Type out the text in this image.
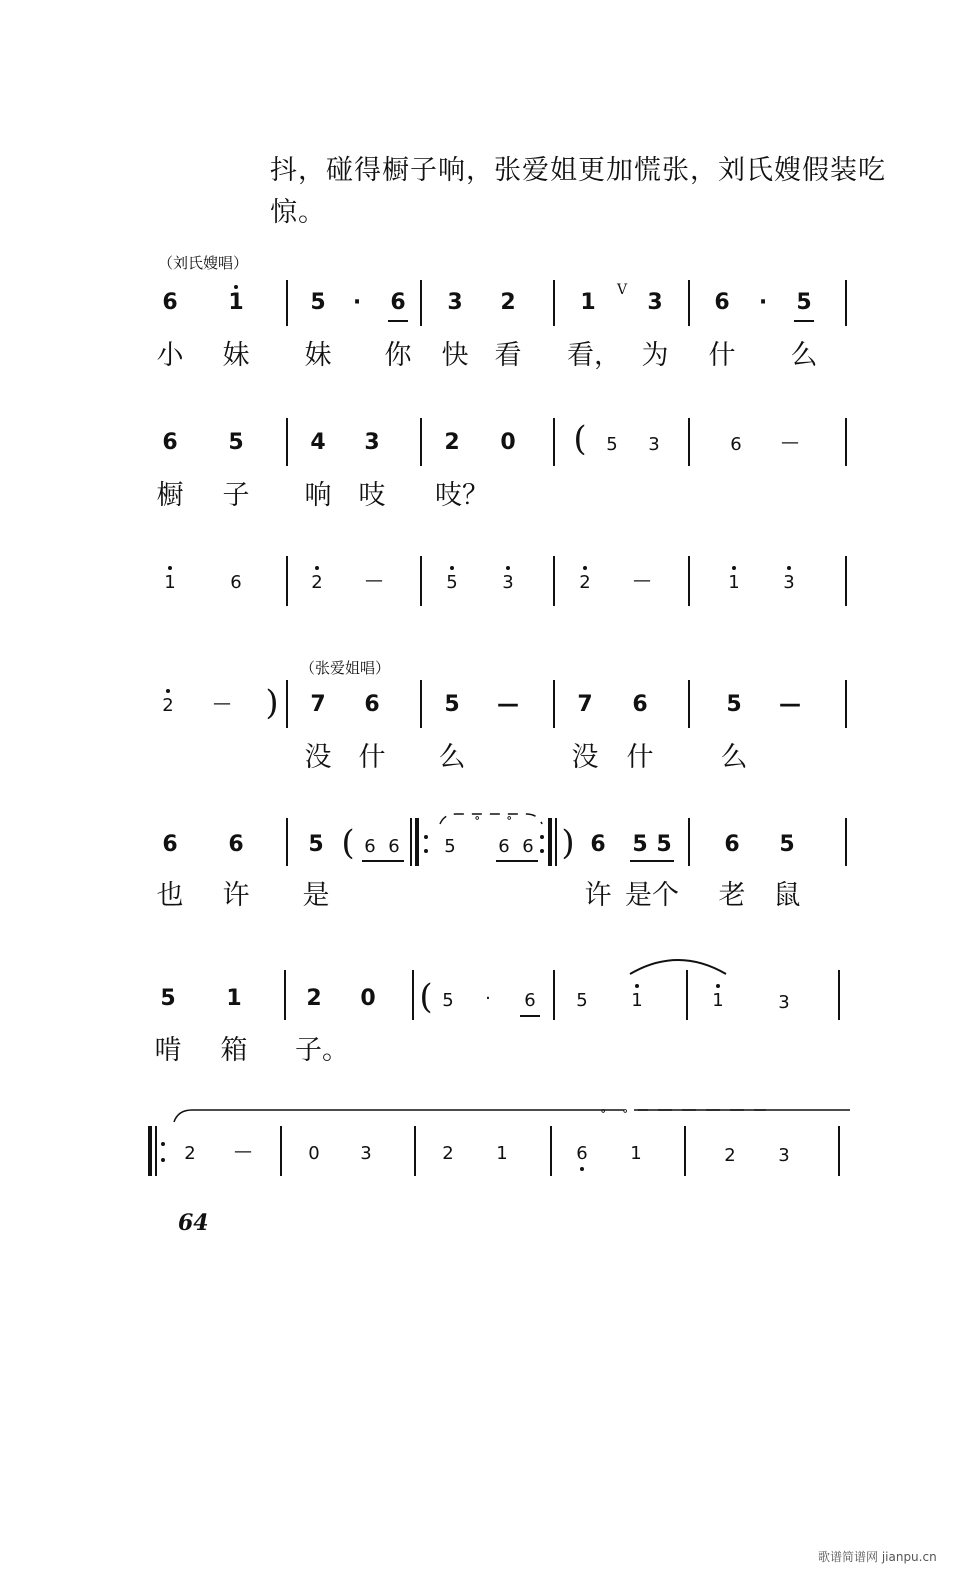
抖，碰得橱子响，张爱姐更加慌张，刘氏嫂假装吃
惊。
（刘氏嫂唱）
6 1	5 · 6 3 2	1 V 3 6 · 5
小 妹 妹 你 快 看 看， 为 什 么
6 5	4 3	2 0 ( 5 3	6 —
橱 子 响 吱 吱？
1	6	2 —	5 3	2 —	1 3
（张爱姐唱）
2 — ) 7 6	5 —	7 6	5 —
没 什 么	没 什 么
6 6	5 ( 6 6 5 6 6
∘ ∘
) 6 5 5 6 5
也 许 是	许 是个 老 鼠
5 1	2 0 ( 5 · 6 5 1	1	3
啃 箱 子。
∘ ∘
2 —	0 3	2 1	6 1	2 3
64
歌谱简谱网 jianpu.cn
